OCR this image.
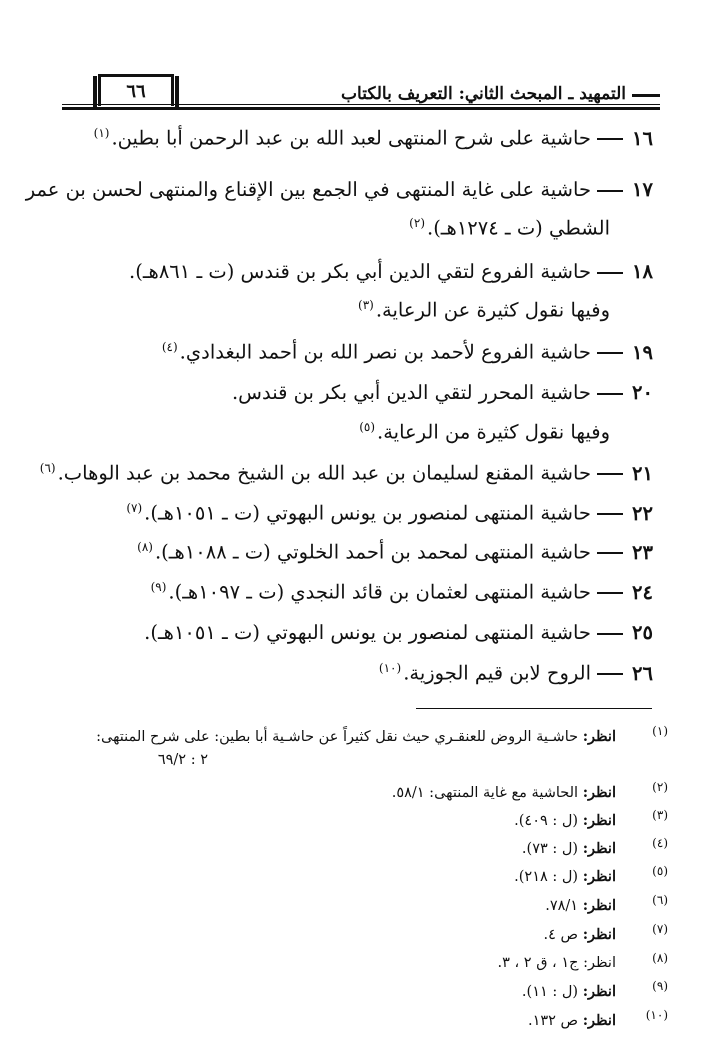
التمهيد ـ المبحث الثاني: التعريف بالكتاب
٦٦
١٦حاشية على شرح المنتهى لعبد الله بن عبد الرحمن أبا بطين.$^{(١)}$
١٧حاشية على غاية المنتهى في الجمع بين الإقناع والمنتهى لحسن بن عمر
الشطي (ت ـ ١٢٧٤هـ).$^{(٢)}$
١٨حاشية الفروع لتقي الدين أبي بكر بن قندس (ت ـ ٨٦١هـ).
وفيها نقول كثيرة عن الرعاية.$^{(٣)}$
١٩حاشية الفروع لأحمد بن نصر الله بن أحمد البغدادي.$^{(٤)}$
٢٠حاشية المحرر لتقي الدين أبي بكر بن قندس.
وفيها نقول كثيرة من الرعاية.$^{(٥)}$
٢١حاشية المقنع لسليمان بن عبد الله بن الشيخ محمد بن عبد الوهاب.$^{(٦)}$
٢٢حاشية المنتهى لمنصور بن يونس البهوتي (ت ـ ١٠٥١هـ).$^{(٧)}$
٢٣حاشية المنتهى لمحمد بن أحمد الخلوتي (ت ـ ١٠٨٨هـ).$^{(٨)}$
٢٤حاشية المنتهى لعثمان بن قائد النجدي (ت ـ ١٠٩٧هـ).$^{(٩)}$
٢٥حاشية المنتهى لمنصور بن يونس البهوتي (ت ـ ١٠٥١هـ).
٢٦الروح لابن قيم الجوزية.$^{(١٠)}$
(١)
انظر: حاشـية الروض للعنقـري حيث نقل كثيراً عن حاشـية أبا بطين: على شرح المنتهى:
٢ : ٦٩/٢
(٢)
انظر: الحاشية مع غاية المنتهى: ٥٨/١.
(٣)
انظر: (ل : ٤٠٩).
(٤)
انظر: (ل : ٧٣).
(٥)
انظر: (ل : ٢١٨).
(٦)
انظر: ٧٨/١.
(٧)
انظر: ص ٤.
(٨)
انظر: ج١ ، ق ٢ ، ٣.
(٩)
انظر: (ل : ١١).
(١٠)
انظر: ص ١٣٢.
